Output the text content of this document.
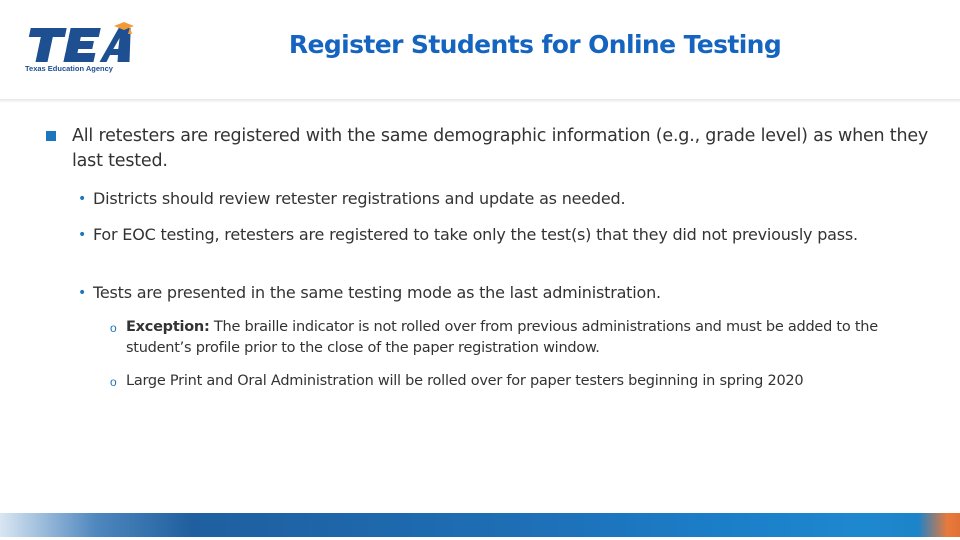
Texas Education Agency
Register Students for Online Testing
All retesters are registered with the same demographic information (e.g., grade level) as when they last tested.
• Districts should review retester registrations and update as needed.
• For EOC testing, retesters are registered to take only the test(s) that they did not previously pass.
• Tests are presented in the same testing mode as the last administration.
o Exception: The braille indicator is not rolled over from previous administrations and must be added to the student’s profile prior to the close of the paper registration window.
o Large Print and Oral Administration will be rolled over for paper testers beginning in spring 2020
